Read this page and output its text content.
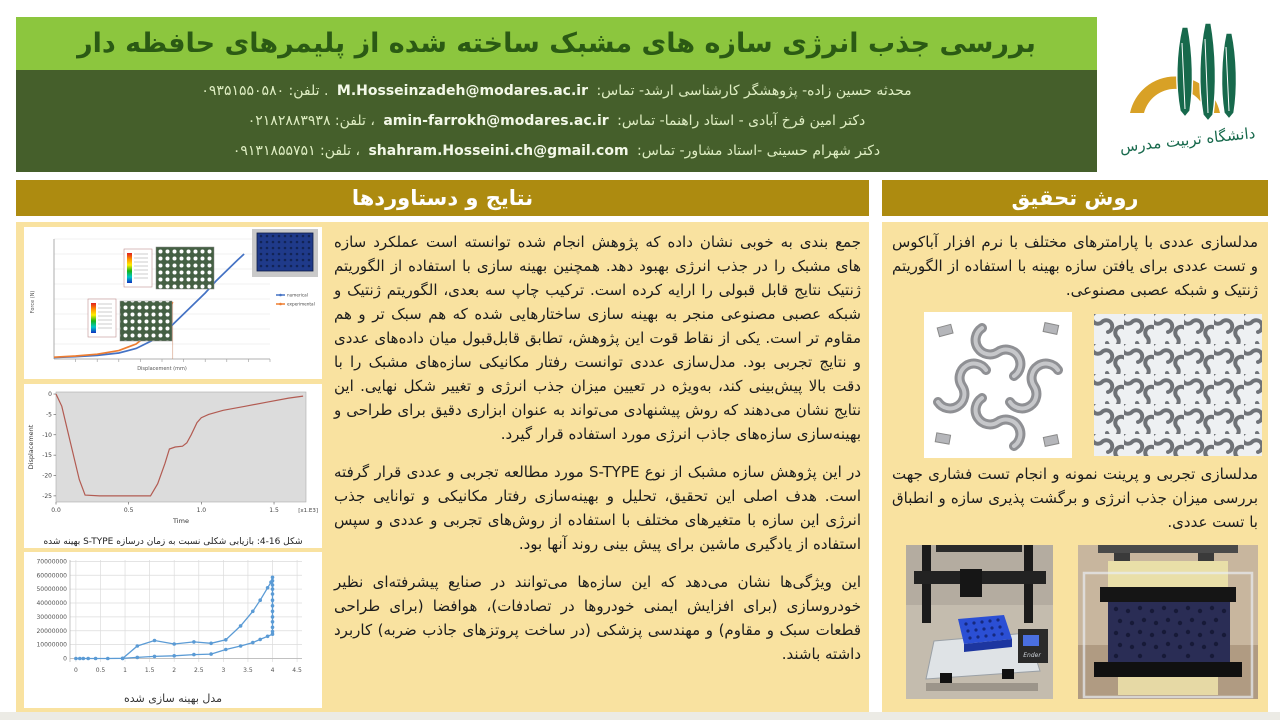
بررسی جذب انرژی سازه های مشبک ساخته شده از پلیمرهای حافظه دار
محدثه حسین زاده- پژوهشگر کارشناسی ارشد- تماس: M.Hosseinzadeh@modares.ac.ir . تلفن: ۰۹۳۵۱۵۵۰۵۸۰
دکتر امین فرخ آبادی - استاد راهنما- تماس: amin-farrokh@modares.ac.ir ، تلفن: ۰۲۱۸۲۸۸۳۹۳۸
دکتر شهرام حسینی -استاد مشاور- تماس: shahram.Hosseini.ch@gmail.com ، تلفن: ۰۹۱۳۱۸۵۵۷۵۱	دانشگاه تربیت مدرس
نتایج و دستاوردها	روش تحقیق
Displacement (mm)
Force (N)	numerical
experimental
0
-5
-10
-15
-20
-25
0.0	0.5	1.0	1.5	[x1.E3]
Time
Displacement
شکل 16-4: بازیابی شکلی نسبت به زمان درسازه S-TYPE بهینه شده
0
10000000
20000000
30000000
40000000
50000000
60000000
70000000
0	0.5	1	1.5	2	2.5	3	3.5	4	4.5
مدل بهینه سازی شده

جمع بندی به خوبی نشان داده که پژوهش انجام شده توانسته است عملکرد سازه های مشبک را در جذب انرژی بهبود دهد. همچنین بهینه سازی با استفاده از الگوریتم ژنتیک نتایج قابل قبولی را ارایه کرده است. ترکیب چاپ سه بعدی، الگوریتم ژنتیک و شبکه عصبی مصنوعی منجر به بهینه سازی ساختارهایی شده که هم سبک تر و هم مقاوم تر است. یکی از نقاط قوت این پژوهش، تطابق قابل‌قبول میان داده‌های عددی و نتایج تجربی بود. مدل‌سازی عددی توانست رفتار مکانیکی سازه‌های مشبک را با دقت بالا پیش‌بینی کند، به‌ویژه در تعیین میزان جذب انرژی و تغییر شکل نهایی. این نتایج نشان می‌دهند که روش پیشنهادی می‌تواند به عنوان ابزاری دقیق برای طراحی و بهینه‌سازی سازه‌های جاذب انرژی مورد استفاده قرار گیرد.

در این پژوهش سازه مشبک از نوع S-TYPE مورد مطالعه تجربی و عددی قرار گرفته است. هدف اصلی این تحقیق، تحلیل و بهینه‌سازی رفتار مکانیکی و توانایی جذب انرژی این سازه با متغیرهای مختلف با استفاده از روش‌های تجربی و عددی و سپس استفاده از یادگیری ماشین برای پیش بینی روند آنها بود.

این ویژگی‌ها نشان می‌دهد که این سازه‌ها می‌توانند در صنایع پیشرفته‌ای نظیر خودروسازی (برای افزایش ایمنی خودروها در تصادفات)، هوافضا (برای طراحی قطعات سبک و مقاوم) و مهندسی پزشکی (در ساخت پروتزهای جاذب ضربه) کاربرد داشته باشند.

مدلسازی عددی با پارامترهای مختلف با نرم افزار آباکوس و تست عددی برای یافتن سازه بهینه با استفاده از الگوریتم ژنتیک و شبکه عصبی مصنوعی.

مدلسازی تجربی و پرینت نمونه و انجام تست فشاری جهت بررسی میزان جذب انرژی و برگشت پذیری سازه و انطباق با تست عددی.

Ender
